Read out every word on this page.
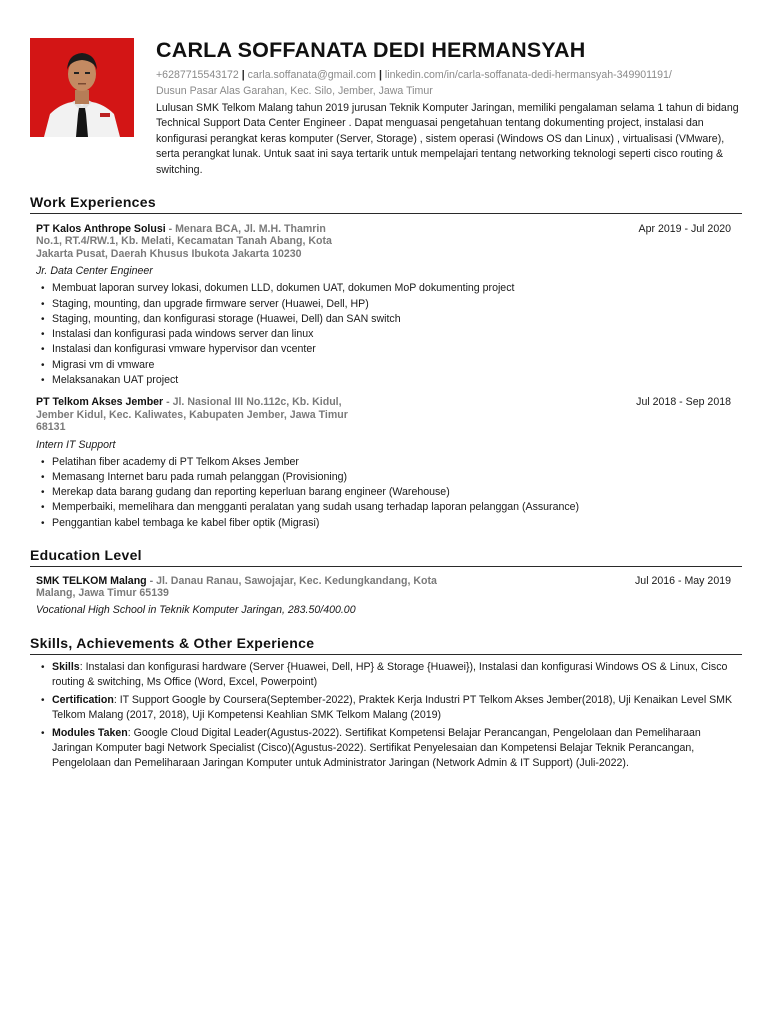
CARLA SOFFANATA DEDI HERMANSYAH
+6287715543172 | carla.soffanata@gmail.com | linkedin.com/in/carla-soffanata-dedi-hermansyah-349901191/
Dusun Pasar Alas Garahan, Kec. Silo, Jember, Jawa Timur
Lulusan SMK Telkom Malang tahun 2019 jurusan Teknik Komputer Jaringan, memiliki pengalaman selama 1 tahun di bidang Technical Support Data Center Engineer . Dapat menguasai pengetahuan tentang dokumenting project, instalasi dan konfigurasi perangkat keras komputer (Server, Storage) , sistem operasi (Windows OS dan Linux) , virtualisasi (VMware), serta perangkat lunak. Untuk saat ini saya tertarik untuk mempelajari tentang networking teknologi seperti cisco routing & switching.
Work Experiences
PT Kalos Anthrope Solusi - Menara BCA, Jl. M.H. Thamrin
No.1, RT.4/RW.1, Kb. Melati, Kecamatan Tanah Abang, Kota
Jakarta Pusat, Daerah Khusus Ibukota Jakarta 10230
Apr 2019 - Jul 2020
Jr. Data Center Engineer
• Membuat laporan survey lokasi, dokumen LLD, dokumen UAT, dokumen MoP dokumenting project
• Staging, mounting, dan upgrade firmware server (Huawei, Dell, HP)
• Staging, mounting, dan konfigurasi storage (Huawei, Dell) dan SAN switch
• Instalasi dan konfigurasi pada windows server dan linux
• Instalasi dan konfigurasi vmware hypervisor dan vcenter
• Migrasi vm di vmware
• Melaksanakan UAT project
PT Telkom Akses Jember - Jl. Nasional III No.112c, Kb. Kidul,
Jember Kidul, Kec. Kaliwates, Kabupaten Jember, Jawa Timur
68131
Jul 2018 - Sep 2018
Intern IT Support
• Pelatihan fiber academy di PT Telkom Akses Jember
• Memasang Internet baru pada rumah pelanggan (Provisioning)
• Merekap data barang gudang dan reporting keperluan barang engineer (Warehouse)
• Memperbaiki, memelihara dan mengganti peralatan yang sudah usang terhadap laporan pelanggan (Assurance)
• Penggantian kabel tembaga ke kabel fiber optik (Migrasi)
Education Level
SMK TELKOM Malang - Jl. Danau Ranau, Sawojajar, Kec. Kedungkandang, Kota
Malang, Jawa Timur 65139
Jul 2016 - May 2019
Vocational High School in Teknik Komputer Jaringan, 283.50/400.00
Skills, Achievements & Other Experience
• Skills: Instalasi dan konfigurasi hardware (Server {Huawei, Dell, HP} & Storage {Huawei}), Instalasi dan konfigurasi Windows OS & Linux, Cisco routing & switching, Ms Office (Word, Excel, Powerpoint)
• Certification: IT Support Google by Coursera(September-2022), Praktek Kerja Industri PT Telkom Akses Jember(2018), Uji Kenaikan Level SMK Telkom Malang (2017, 2018), Uji Kompetensi Keahlian SMK Telkom Malang (2019)
• Modules Taken: Google Cloud Digital Leader(Agustus-2022). Sertifikat Kompetensi Belajar Perancangan, Pengelolaan dan Pemeliharaan Jaringan Komputer bagi Network Specialist (Cisco)(Agustus-2022). Sertifikat Penyelesaian dan Kompetensi Belajar Teknik Perancangan, Pengelolaan dan Pemeliharaan Jaringan Komputer untuk Administrator Jaringan (Network Admin & IT Support) (Juli-2022).
